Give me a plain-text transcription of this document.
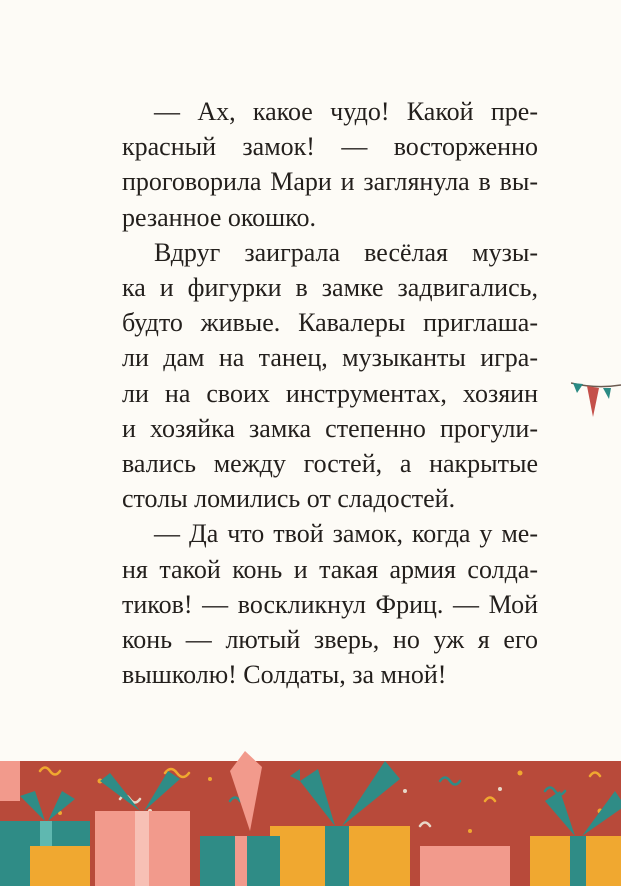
— Ах, какое чудо! Какой пре-
красный замок! — восторженно
проговорила Мари и заглянула в вы-
резанное окошко.

Вдруг заиграла весёлая музы-
ка и фигурки в замке задвигались,
будто живые. Кавалеры приглаша-
ли дам на танец, музыканты игра-
ли на своих инструментах, хозяин
и хозяйка замка степенно прогули-
вались между гостей, а накрытые
столы ломились от сладостей.

— Да что твой замок, когда у ме-
ня такой конь и такая армия солда-
тиков! — воскликнул Фриц. — Мой
конь — лютый зверь, но уж я его
вышколю! Солдаты, за мной!
